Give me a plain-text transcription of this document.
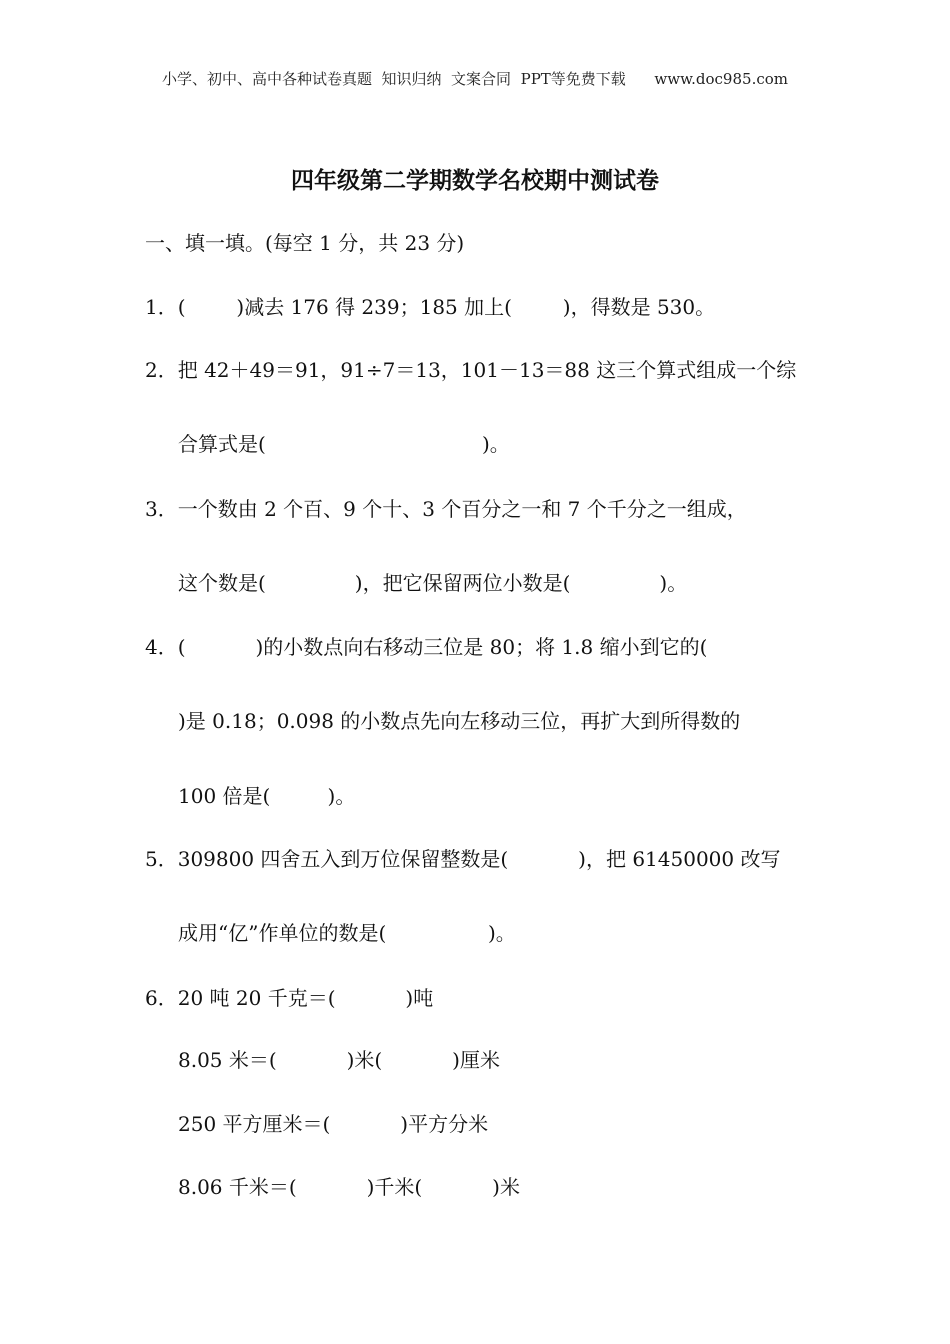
小学、初中、高中各种试卷真题  知识归纳  文案合同  PPT等免费下载      www.doc985.com
四年级第二学期数学名校期中测试卷
一、填一填。(每空 1 分，共 23 分)
1．(        )减去 176 得 239；185 加上(        )，得数是 530。
2．把 42＋49＝91，91÷7＝13，101－13＝88 这三个算式组成一个综
合算式是(                                  )。
3．一个数由 2 个百、9 个十、3 个百分之一和 7 个千分之一组成，
这个数是(              )，把它保留两位小数是(              )。
4．(           )的小数点向右移动三位是 80；将 1.8 缩小到它的(
)是 0.18；0.098 的小数点先向左移动三位，再扩大到所得数的
100 倍是(         )。
5．309800 四舍五入到万位保留整数是(           )，把 61450000 改写
成用“亿”作单位的数是(                )。
6．20 吨 20 千克＝(           )吨
8.05 米＝(           )米(           )厘米
250 平方厘米＝(           )平方分米
8.06 千米＝(           )千米(           )米
